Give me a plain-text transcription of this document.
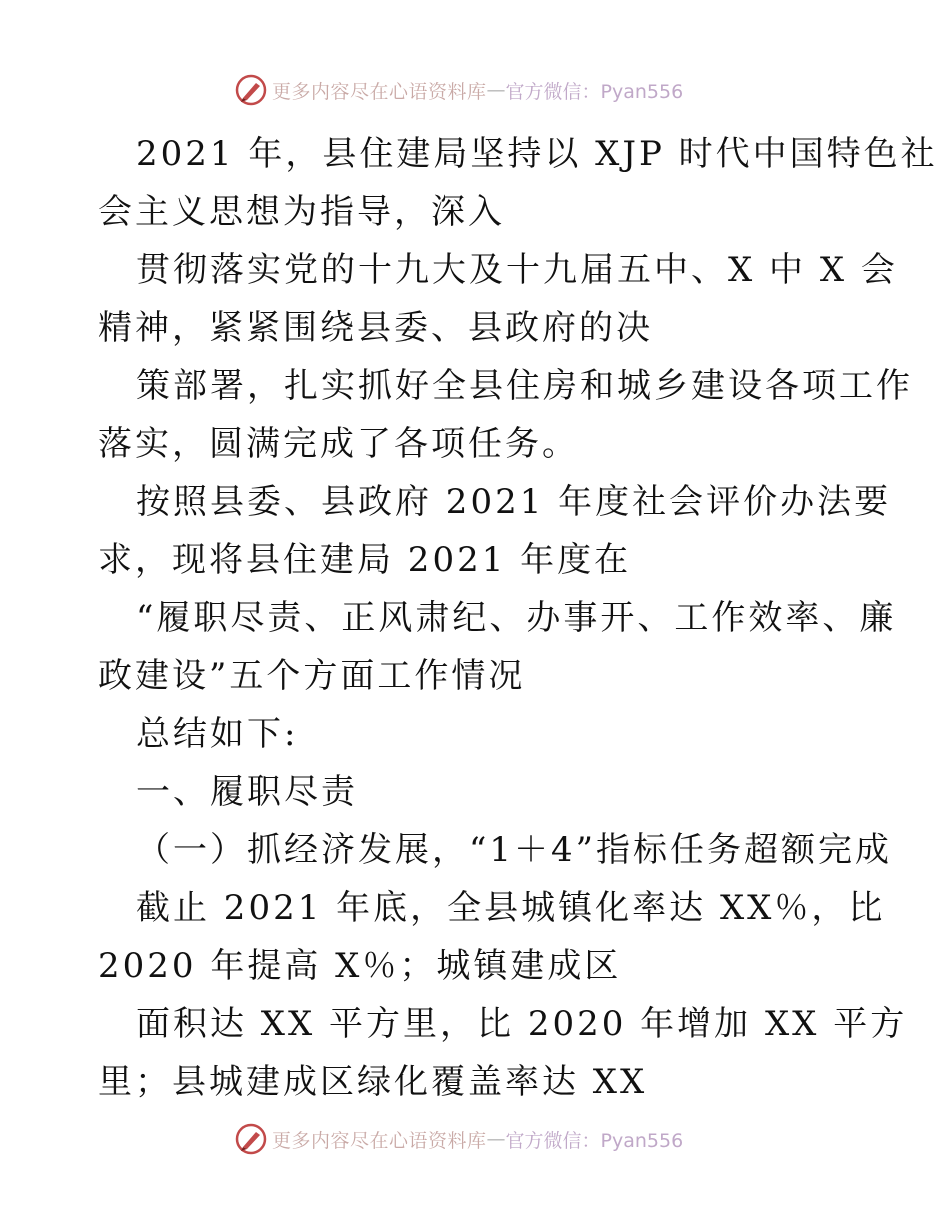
更多内容尽在心语资料库 — 官方微信：Pyan556
2021 年，县住建局坚持以 XJP 时代中国特色社
会主义思想为指导，深入
贯彻落实党的十九大及十九届五中、X 中 X 会
精神，紧紧围绕县委、县政府的决
策部署，扎实抓好全县住房和城乡建设各项工作
落实，圆满完成了各项任务。
按照县委、县政府 2021 年度社会评价办法要
求，现将县住建局 2021 年度在
“履职尽责、正风肃纪、办事开、工作效率、廉
政建设”五个方面工作情况
总结如下:
一、履职尽责
（一）抓经济发展，“1＋4”指标任务超额完成
截止 2021 年底，全县城镇化率达 XX％，比
2020 年提高 X％；城镇建成区
面积达 XX 平方里，比 2020 年增加 XX 平方
里；县城建成区绿化覆盖率达 XX
更多内容尽在心语资料库 — 官方微信：Pyan556
